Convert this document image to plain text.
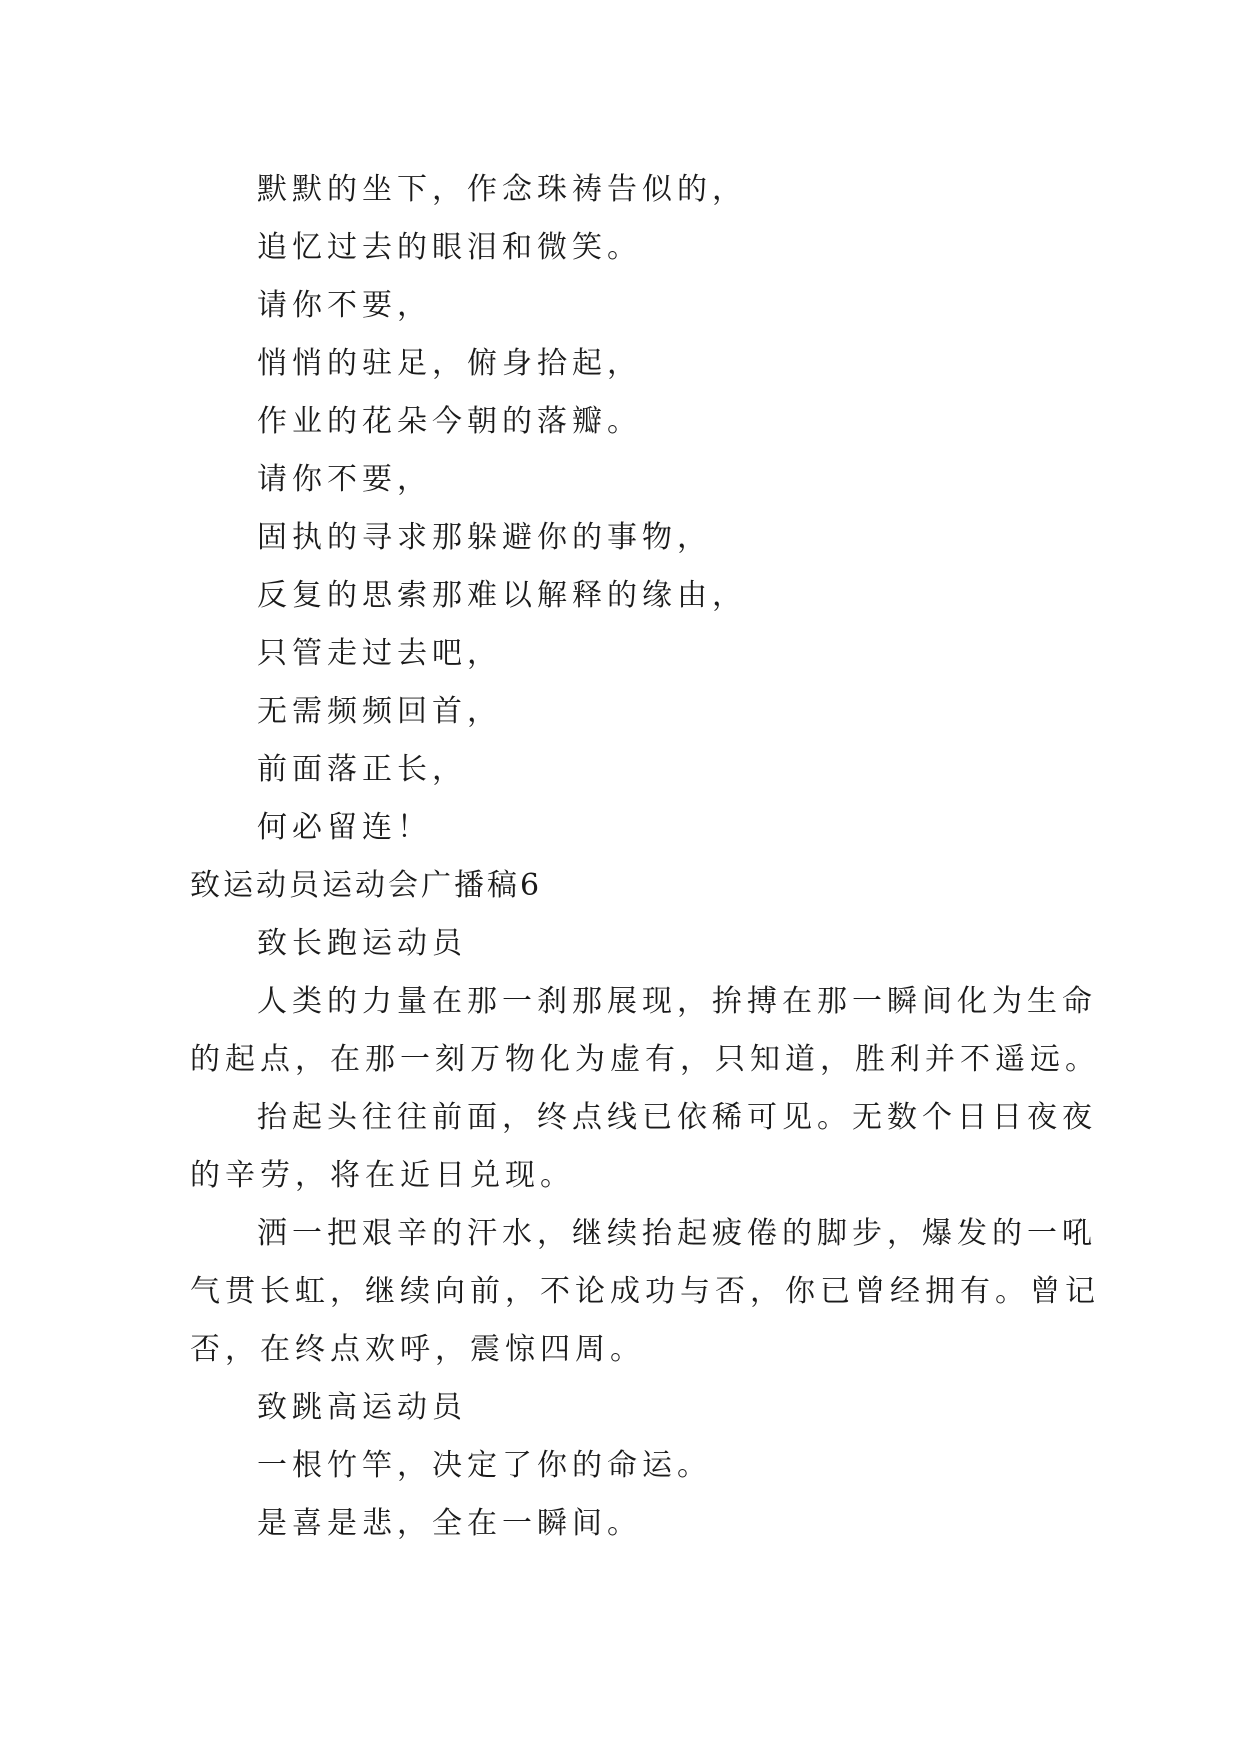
默默的坐下，作念珠祷告似的，
追忆过去的眼泪和微笑。
请你不要，
悄悄的驻足，俯身拾起，
作业的花朵今朝的落瓣。
请你不要，
固执的寻求那躲避你的事物，
反复的思索那难以解释的缘由，
只管走过去吧，
无需频频回首，
前面落正长，
何必留连！
致运动员运动会广播稿6
致长跑运动员
人类的力量在那一刹那展现，拚搏在那一瞬间化为生命
的起点，在那一刻万物化为虚有，只知道，胜利并不遥远。
抬起头往往前面，终点线已依稀可见。无数个日日夜夜
的辛劳，将在近日兑现。
洒一把艰辛的汗水，继续抬起疲倦的脚步，爆发的一吼
气贯长虹，继续向前，不论成功与否，你已曾经拥有。曾记
否，在终点欢呼，震惊四周。
致跳高运动员
一根竹竿，决定了你的命运。
是喜是悲，全在一瞬间。
